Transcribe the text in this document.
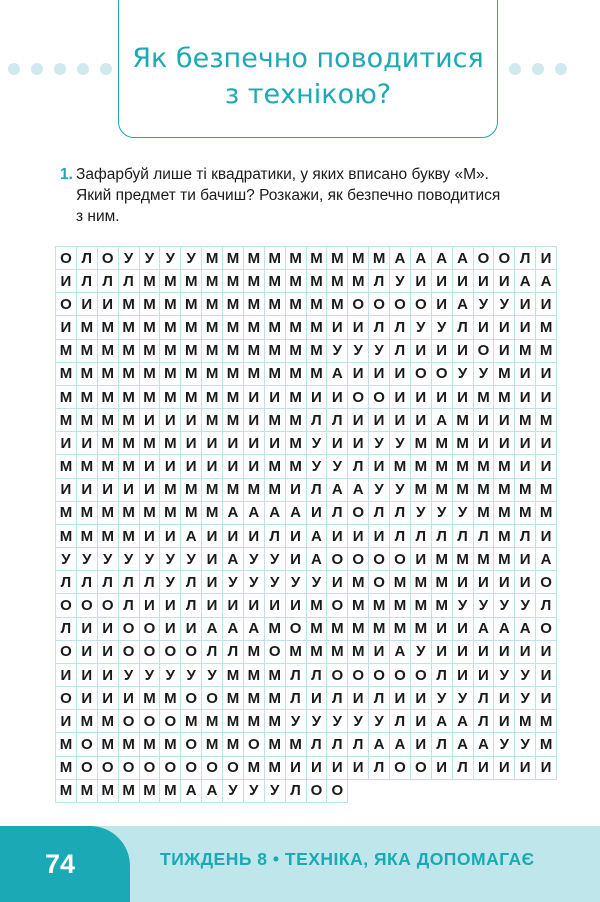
Як безпечно поводитися
з технікою?
1. Зафарбуй лише ті квадратики, у яких вписано букву «М».
Який предмет ти бачиш? Розкажи, як безпечно поводитися
з ним.
О Л О У У У У М М М М М М М М М А А А А О О Л И
И Л Л Л М М М М М М М М М М М Л У И И И И И А А
О И И М М М М М М М М М М М О О О О И А У У И И
И М М М М М М М М М М М М И И Л Л У У Л И И И М
М М М М М М М М М М М М М У У У Л И И И О И М М
М М М М М М М М М М М М М А И И И О О У У М И И
М М М М М М М М М И И М И И О О И И И И М М И И
М М М М И И И М М И М М Л Л И И И И А М И И М М
И И М М М М И И И И И М У И И У У М М М И И И И
М М М М И И И И И И М М У У Л И М М М М М М И И
И И И И И М М М М М М И Л А А У У М М М М М М М
М М М М М М М М А А А А И Л О Л Л У У У М М М М
М М М М И И А И И И Л И А И И И Л Л Л Л Л М Л И
У У У У У У У И А У У И А О О О О И М М М М И А
Л Л Л Л Л У Л И У У У У У И М О М М М И И И И О
О О О Л И И Л И И И И И М О М М М М М У У У У Л
Л И И О О И И А А А М О М М М М М М И И А А А О
О И И О О О О Л Л М О М М М М И А У И И И И И И
И И И У У У У У М М М Л Л О О О О О Л И И У У И
О И И И М М О О М М М Л И Л И Л И И У У Л И У И
И М М О О О М М М М М У У У У У Л И А А Л И М М
М О М М М М О М М О М М Л Л Л А А И Л А А У У М
М О О О О О О О О М М И И И И Л О О И Л И И И И
М М М М М М А А У У У Л О О
74	ТИЖДЕНЬ 8 • ТЕХНІКА, ЯКА ДОПОМАГАЄ
